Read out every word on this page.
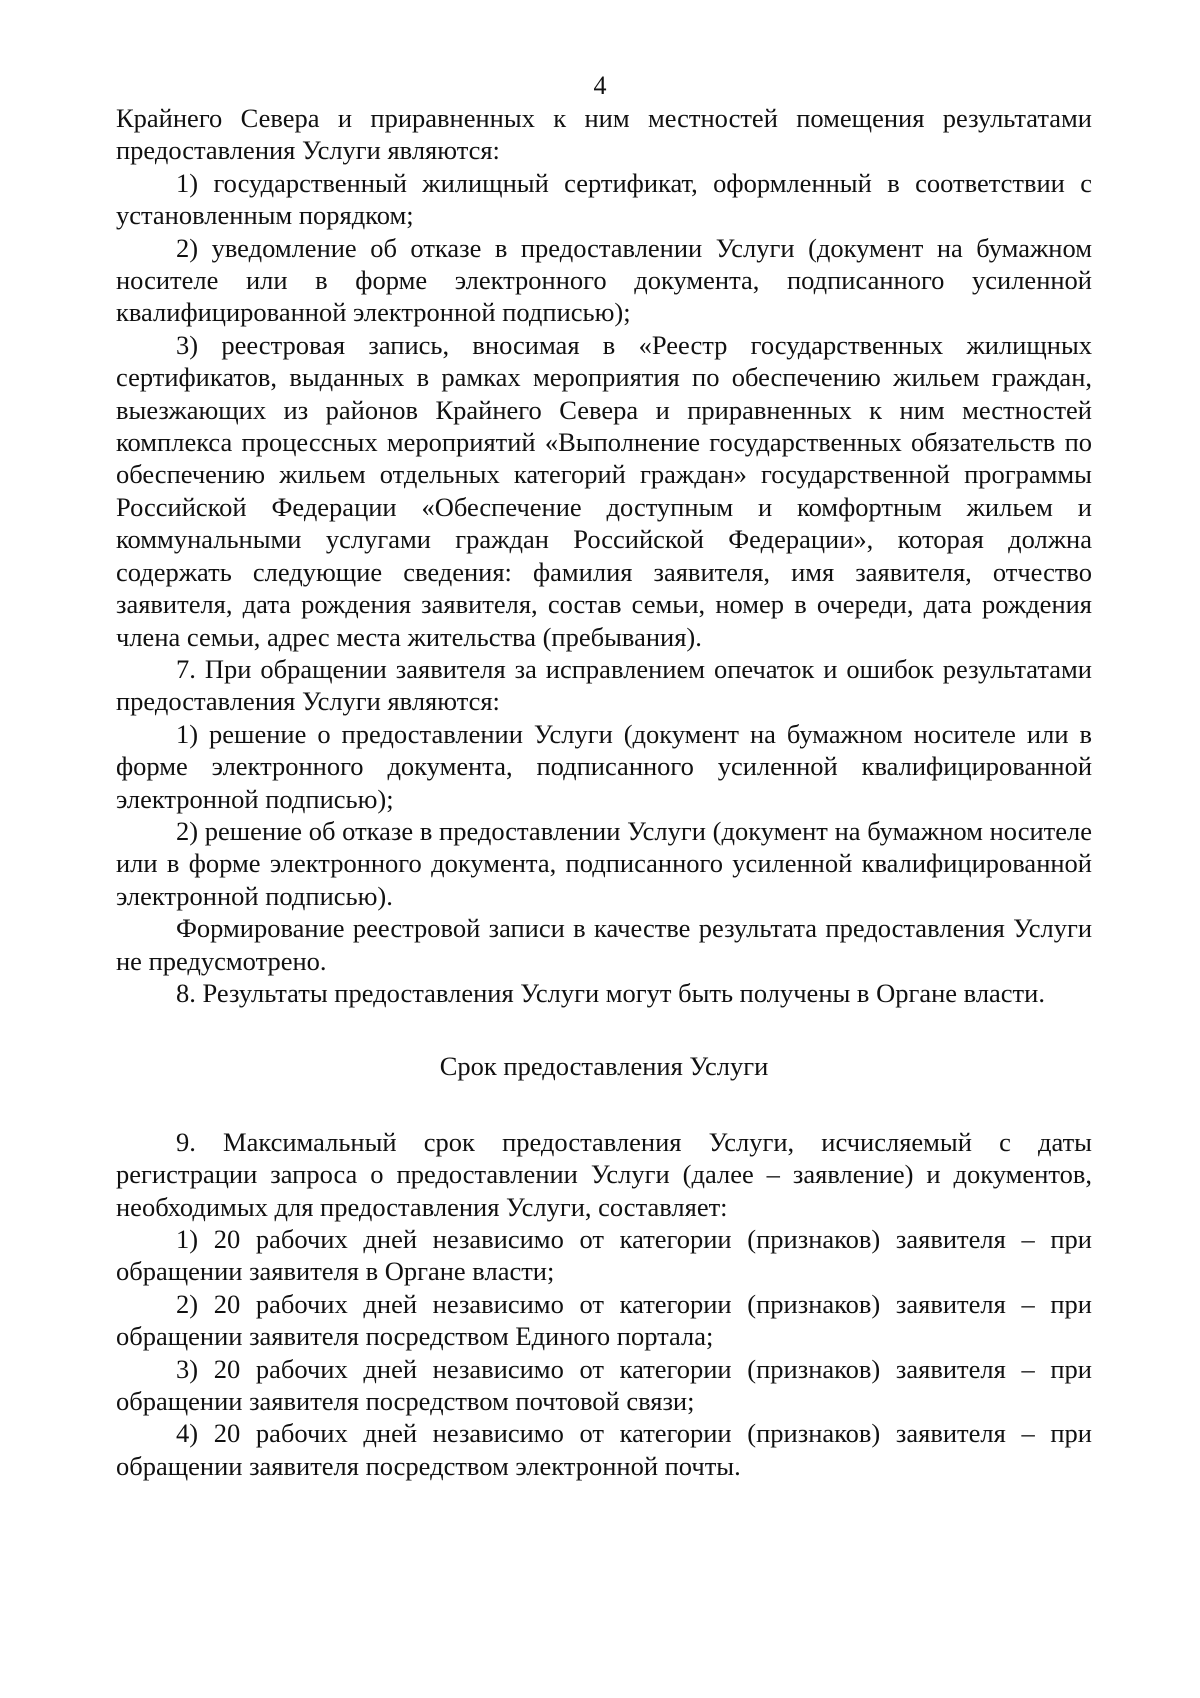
4

Крайнего Севера и приравненных к ним местностей помещения результатами предоставления Услуги являются:

1) государственный жилищный сертификат, оформленный в соответствии с установленным порядком;

2) уведомление об отказе в предоставлении Услуги (документ на бумажном носителе или в форме электронного документа, подписанного усиленной квалифицированной электронной подписью);

3) реестровая запись, вносимая в «Реестр государственных жилищных сертификатов, выданных в рамках мероприятия по обеспечению жильем граждан, выезжающих из районов Крайнего Севера и приравненных к ним местностей комплекса процессных мероприятий «Выполнение государственных обязательств по обеспечению жильем отдельных категорий граждан» государственной программы Российской Федерации «Обеспечение доступным и комфортным жильем и коммунальными услугами граждан Российской Федерации», которая должна содержать следующие сведения: фамилия заявителя, имя заявителя, отчество заявителя, дата рождения заявителя, состав семьи, номер в очереди, дата рождения члена семьи, адрес места жительства (пребывания).

7. При обращении заявителя за исправлением опечаток и ошибок результатами предоставления Услуги являются:

1) решение о предоставлении Услуги (документ на бумажном носителе или в форме электронного документа, подписанного усиленной квалифицированной электронной подписью);

2) решение об отказе в предоставлении Услуги (документ на бумажном носителе или в форме электронного документа, подписанного усиленной квалифицированной электронной подписью).

Формирование реестровой записи в качестве результата предоставления Услуги не предусмотрено.

8. Результаты предоставления Услуги могут быть получены в Органе власти.

Срок предоставления Услуги

9. Максимальный срок предоставления Услуги, исчисляемый с даты регистрации запроса о предоставлении Услуги (далее – заявление) и документов, необходимых для предоставления Услуги, составляет:

1) 20 рабочих дней независимо от категории (признаков) заявителя – при обращении заявителя в Органе власти;

2) 20 рабочих дней независимо от категории (признаков) заявителя – при обращении заявителя посредством Единого портала;

3) 20 рабочих дней независимо от категории (признаков) заявителя – при обращении заявителя посредством почтовой связи;

4) 20 рабочих дней независимо от категории (признаков) заявителя – при обращении заявителя посредством электронной почты.
